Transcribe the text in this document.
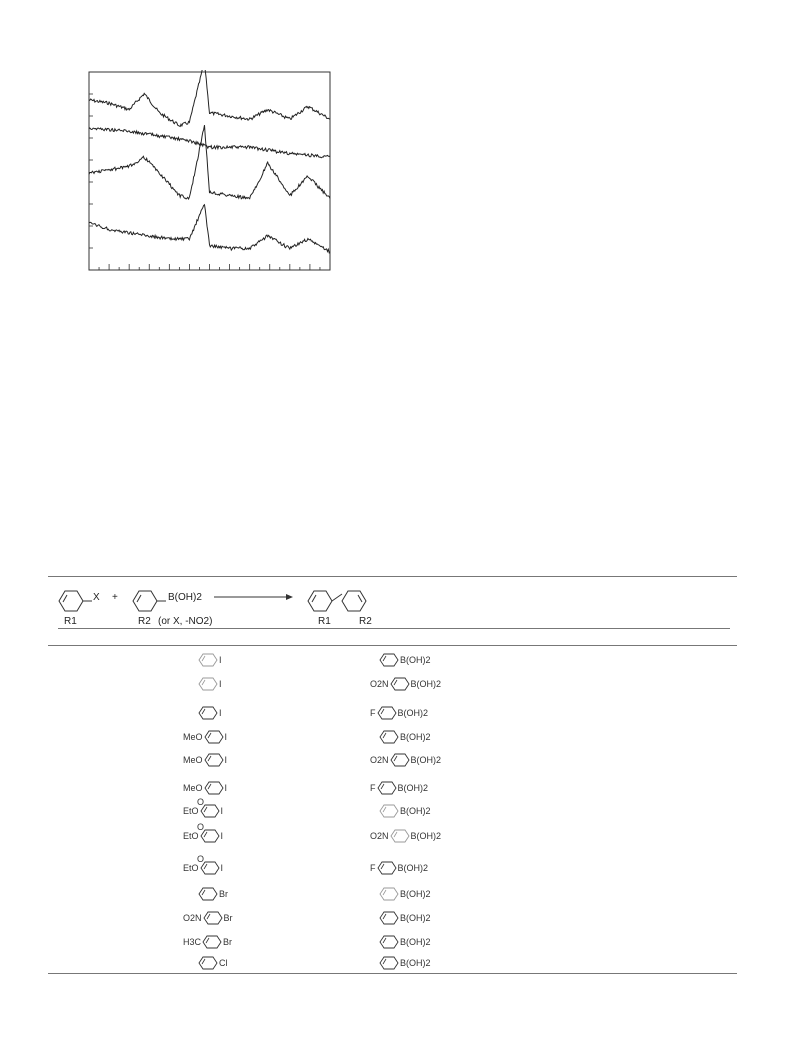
X
R1
+	B(OH)2
R2 (or X, -NO2)	R1	R2
I	B(OH)2
I	O2N B(OH)2
I	F B(OH)2
MeO I	B(OH)2
MeO I	O2N B(OH)2
MeO I	F B(OH)2
O
EtO I	B(OH)2
O
EtO I	O2N B(OH)2
O
EtO I	F B(OH)2
Br	B(OH)2
O2N Br	B(OH)2
H3C Br	B(OH)2
Cl	B(OH)2
